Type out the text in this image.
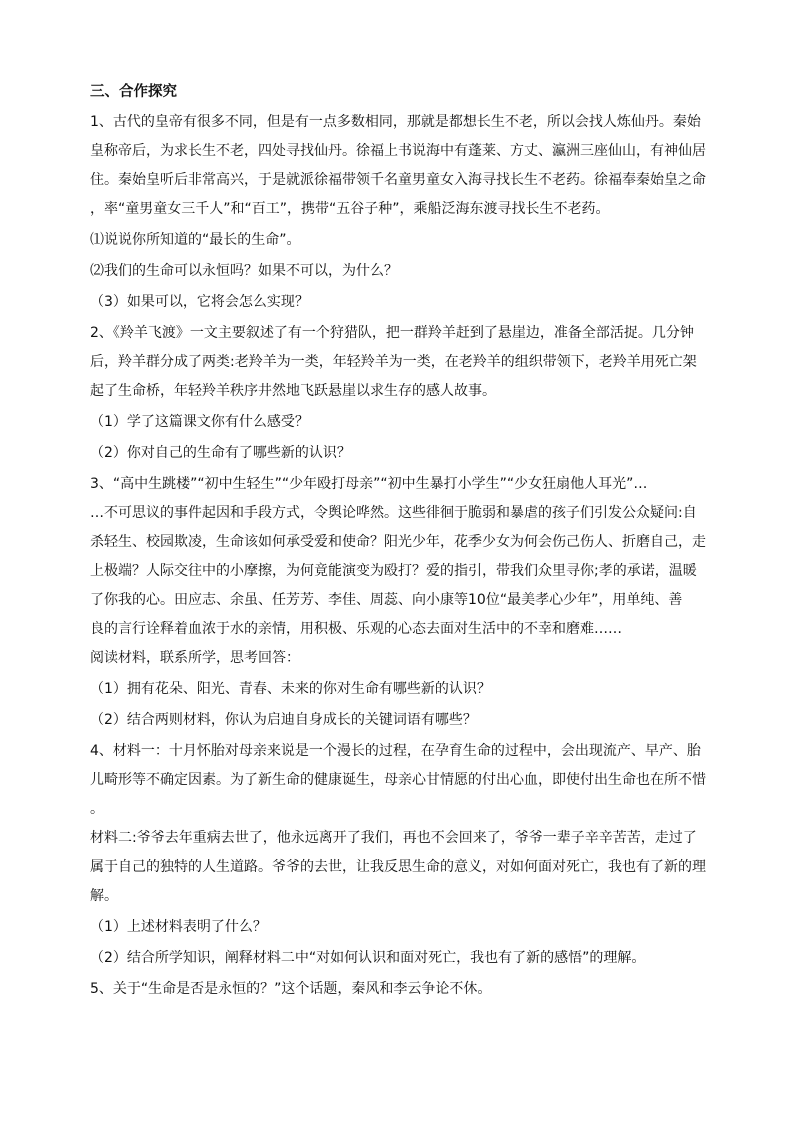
三、合作探究

1、古代的皇帝有很多不同，但是有一点多数相同，那就是都想长生不老，所以会找人炼仙丹。秦始
皇称帝后，为求长生不老，四处寻找仙丹。徐福上书说海中有蓬莱、方丈、瀛洲三座仙山，有神仙居
住。秦始皇听后非常高兴，于是就派徐福带领千名童男童女入海寻找长生不老药。徐福奉秦始皇之命
，率“童男童女三千人”和“百工”，携带“五谷子种”，乘船泛海东渡寻找长生不老药。

⑴说说你所知道的“最长的生命”。
⑵我们的生命可以永恒吗？如果不可以，为什么？
（3）如果可以，它将会怎么实现？

2、《羚羊飞渡》一文主要叙述了有一个狩猎队，把一群羚羊赶到了悬崖边，准备全部活捉。几分钟
后，羚羊群分成了两类:老羚羊为一类，年轻羚羊为一类，在老羚羊的组织带领下，老羚羊用死亡架
起了生命桥，年轻羚羊秩序井然地飞跃悬崖以求生存的感人故事。

（1）学了这篇课文你有什么感受？
（2）你对自己的生命有了哪些新的认识？

3、“高中生跳楼”“初中生轻生”“少年殴打母亲”“初中生暴打小学生”“少女狂扇他人耳光”…
…不可思议的事件起因和手段方式，令舆论哗然。这些徘徊于脆弱和暴虐的孩子们引发公众疑问:自
杀轻生、校园欺凌，生命该如何承受爱和使命？阳光少年，花季少女为何会伤己伤人、折磨自己，走
上极端？人际交往中的小摩擦，为何竟能演变为殴打？爱的指引，带我们众里寻你;孝的承诺，温暖
了你我的心。田应志、余虽、任芳芳、李佳、周蕊、向小康等10位“最美孝心少年”，用单纯、善
良的言行诠释着血浓于水的亲情，用积极、乐观的心态去面对生活中的不幸和磨难……
阅读材料，联系所学，思考回答：

（1）拥有花朵、阳光、青春、未来的你对生命有哪些新的认识？
（2）结合两则材料，你认为启迪自身成长的关键词语有哪些？

4、材料一：十月怀胎对母亲来说是一个漫长的过程，在孕育生命的过程中，会出现流产、早产、胎
儿畸形等不确定因素。为了新生命的健康诞生，母亲心甘情愿的付出心血，即使付出生命也在所不惜
。
材料二:爷爷去年重病去世了，他永远离开了我们，再也不会回来了，爷爷一辈子辛辛苦苦，走过了
属于自己的独特的人生道路。爷爷的去世，让我反思生命的意义，对如何面对死亡，我也有了新的理
解。

（1）上述材料表明了什么？
（2）结合所学知识，阐释材料二中“对如何认识和面对死亡，我也有了新的感悟”的理解。

5、关于“生命是否是永恒的？”这个话题，秦风和李云争论不休。
